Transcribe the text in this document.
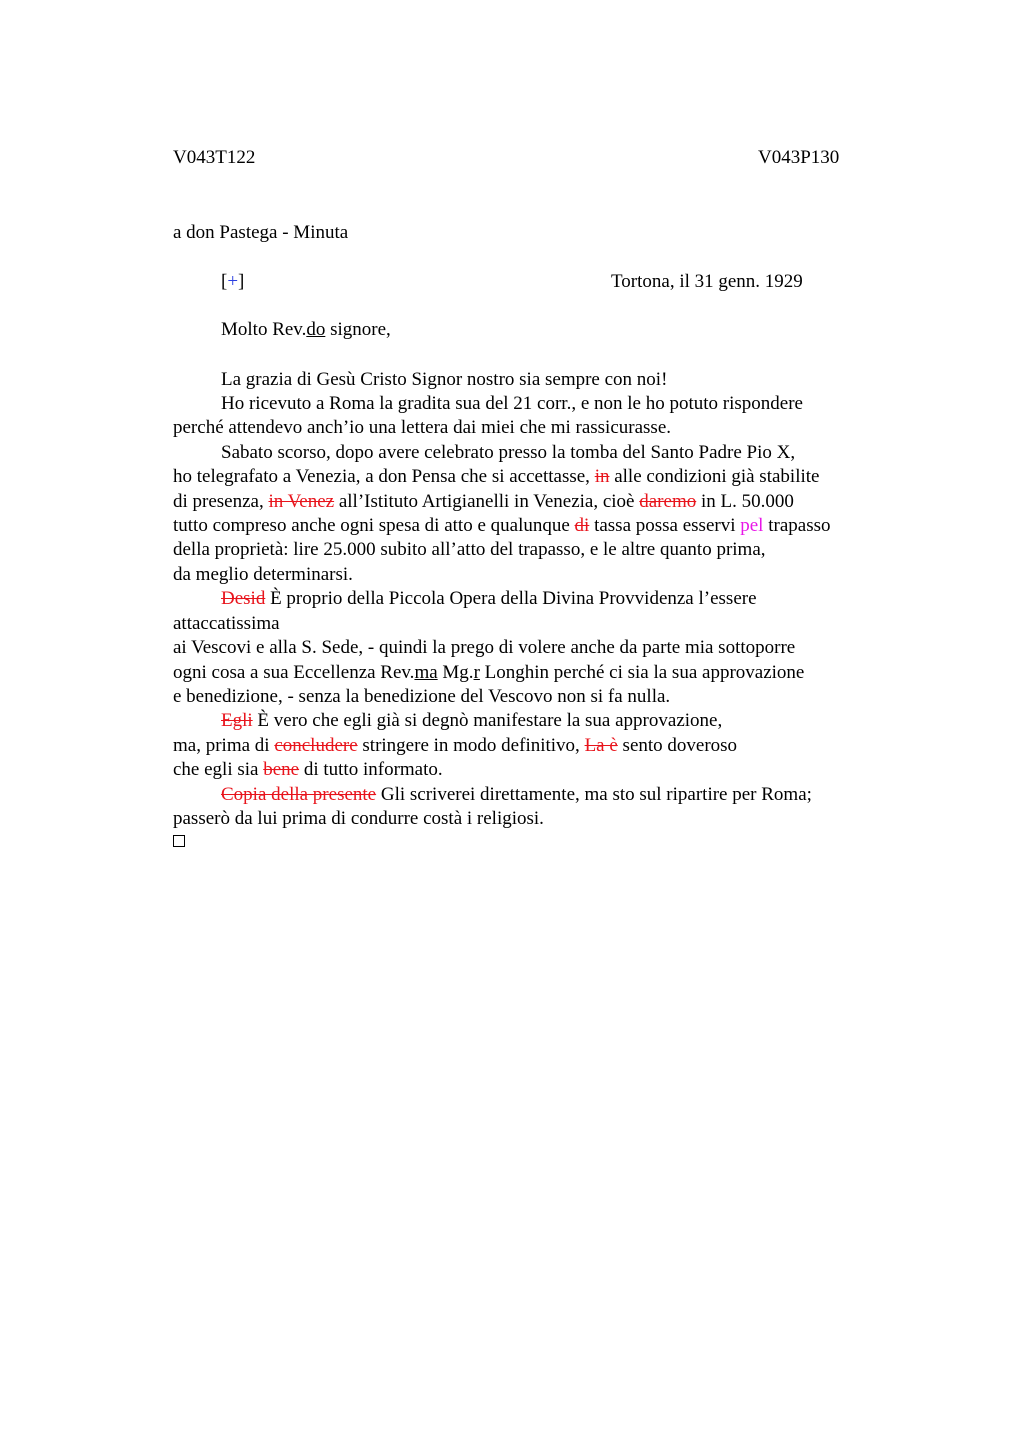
V043T122	V043P130
a don Pastega - Minuta
[+]	Tortona, il 31 genn. 1929
Molto Rev.do signore,
La grazia di Gesù Cristo Signor nostro sia sempre con noi!
Ho ricevuto a Roma la gradita sua del 21 corr., e non le ho potuto rispondere
perché attendevo anch’io una lettera dai miei che mi rassicurasse.
Sabato scorso, dopo avere celebrato presso la tomba del Santo Padre Pio X,
ho telegrafato a Venezia, a don Pensa che si accettasse, in alle condizioni già stabilite
di presenza, in Venez all’Istituto Artigianelli in Venezia, cioè daremo in L. 50.000
tutto compreso anche ogni spesa di atto e qualunque di tassa possa esservi pel trapasso
della proprietà: lire 25.000 subito all’atto del trapasso, e le altre quanto prima,
da meglio determinarsi.
Desid È proprio della Piccola Opera della Divina Provvidenza l’essere
attaccatissima
ai Vescovi e alla S. Sede, - quindi la prego di volere anche da parte mia sottoporre
ogni cosa a sua Eccellenza Rev.ma Mg.r Longhin perché ci sia la sua approvazione
e benedizione, - senza la benedizione del Vescovo non si fa nulla.
Egli È vero che egli già si degnò manifestare la sua approvazione,
ma, prima di concludere stringere in modo definitivo, La è sento doveroso
che egli sia bene di tutto informato.
Copia della presente Gli scriverei direttamente, ma sto sul ripartire per Roma;
passerò da lui prima di condurre costà i religiosi.
